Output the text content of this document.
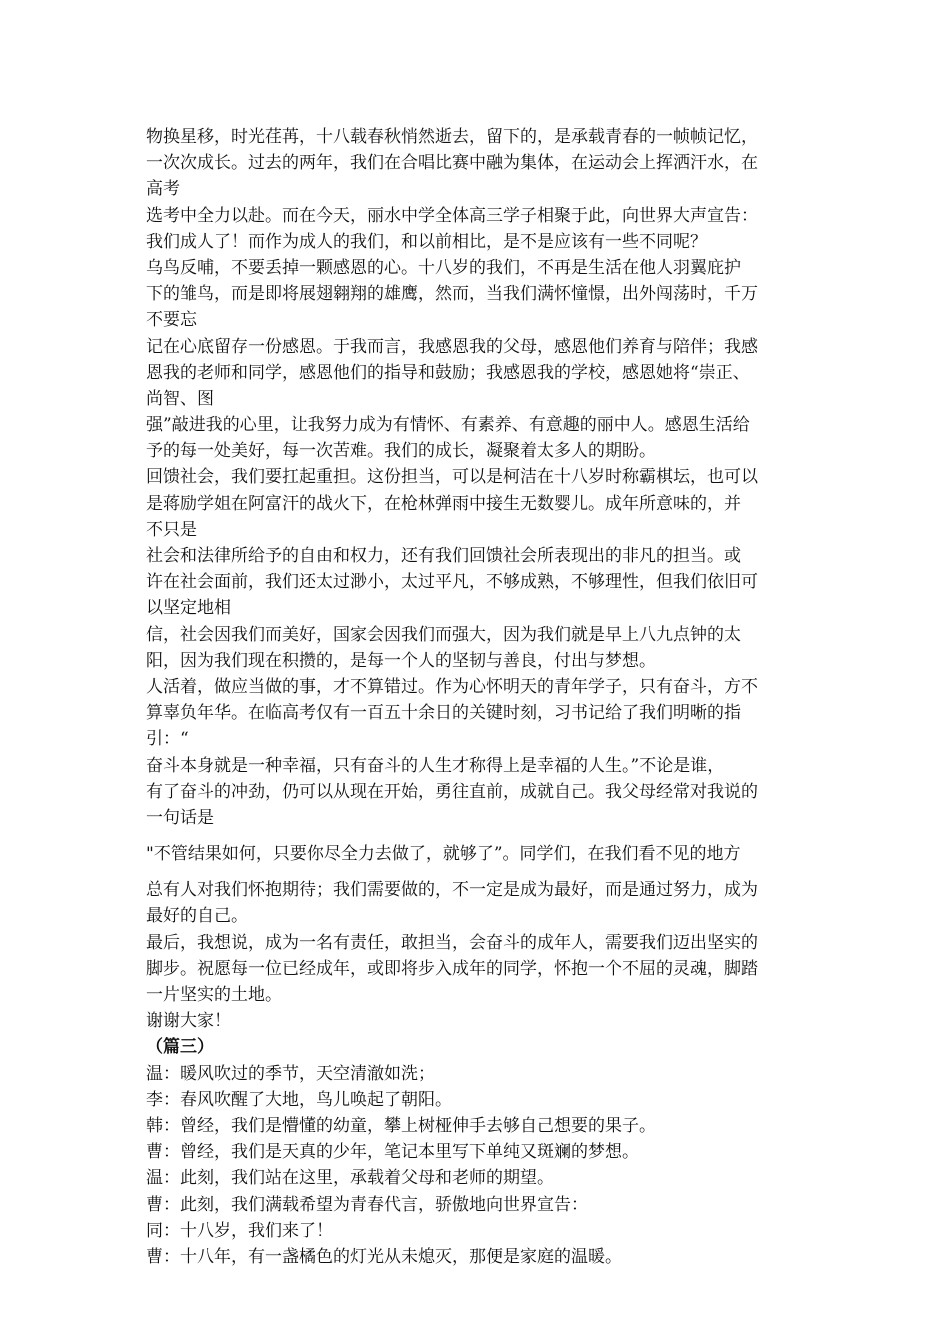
物换星移，时光荏苒，十八载春秋悄然逝去，留下的，是承载青春的一帧帧记忆，
一次次成长。过去的两年，我们在合唱比赛中融为集体，在运动会上挥洒汗水，在
高考
选考中全力以赴。而在今天，丽水中学全体高三学子相聚于此，向世界大声宣告：
我们成人了！而作为成人的我们，和以前相比，是不是应该有一些不同呢？
乌鸟反哺，不要丢掉一颗感恩的心。十八岁的我们，不再是生活在他人羽翼庇护
下的雏鸟，而是即将展翅翱翔的雄鹰，然而，当我们满怀憧憬，出外闯荡时，千万
不要忘
记在心底留存一份感恩。于我而言，我感恩我的父母，感恩他们养育与陪伴；我感
恩我的老师和同学，感恩他们的指导和鼓励；我感恩我的学校，感恩她将“崇正、
尚智、图
强”敲进我的心里，让我努力成为有情怀、有素养、有意趣的丽中人。感恩生活给
予的每一处美好，每一次苦难。我们的成长，凝聚着太多人的期盼。
回馈社会，我们要扛起重担。这份担当，可以是柯洁在十八岁时称霸棋坛，也可以
是蒋励学姐在阿富汗的战火下，在枪林弹雨中接生无数婴儿。成年所意味的，并
不只是
社会和法律所给予的自由和权力，还有我们回馈社会所表现出的非凡的担当。或
许在社会面前，我们还太过渺小，太过平凡，不够成熟，不够理性，但我们依旧可
以坚定地相
信，社会因我们而美好，国家会因我们而强大，因为我们就是早上八九点钟的太
阳，因为我们现在积攒的，是每一个人的坚韧与善良，付出与梦想。
人活着，做应当做的事，才不算错过。作为心怀明天的青年学子，只有奋斗，方不
算辜负年华。在临高考仅有一百五十余日的关键时刻，习书记给了我们明晰的指
引：“
奋斗本身就是一种幸福，只有奋斗的人生才称得上是幸福的人生。”不论是谁，
有了奋斗的冲劲，仍可以从现在开始，勇往直前，成就自己。我父母经常对我说的
一句话是
"不管结果如何，只要你尽全力去做了，就够了”。同学们，在我们看不见的地方
总有人对我们怀抱期待；我们需要做的，不一定是成为最好，而是通过努力，成为
最好的自己。
最后，我想说，成为一名有责任，敢担当，会奋斗的成年人，需要我们迈出坚实的
脚步。祝愿每一位已经成年，或即将步入成年的同学，怀抱一个不屈的灵魂，脚踏
一片坚实的土地。
谢谢大家！
（篇三）
温：暖风吹过的季节，天空清澈如洗；
李：春风吹醒了大地，鸟儿唤起了朝阳。
韩：曾经，我们是懵懂的幼童，攀上树桠伸手去够自己想要的果子。
曹：曾经，我们是天真的少年，笔记本里写下单纯又斑斓的梦想。
温：此刻，我们站在这里，承载着父母和老师的期望。
曹：此刻，我们满载希望为青春代言，骄傲地向世界宣告：
同：十八岁，我们来了！
曹：十八年，有一盏橘色的灯光从未熄灭，那便是家庭的温暖。
